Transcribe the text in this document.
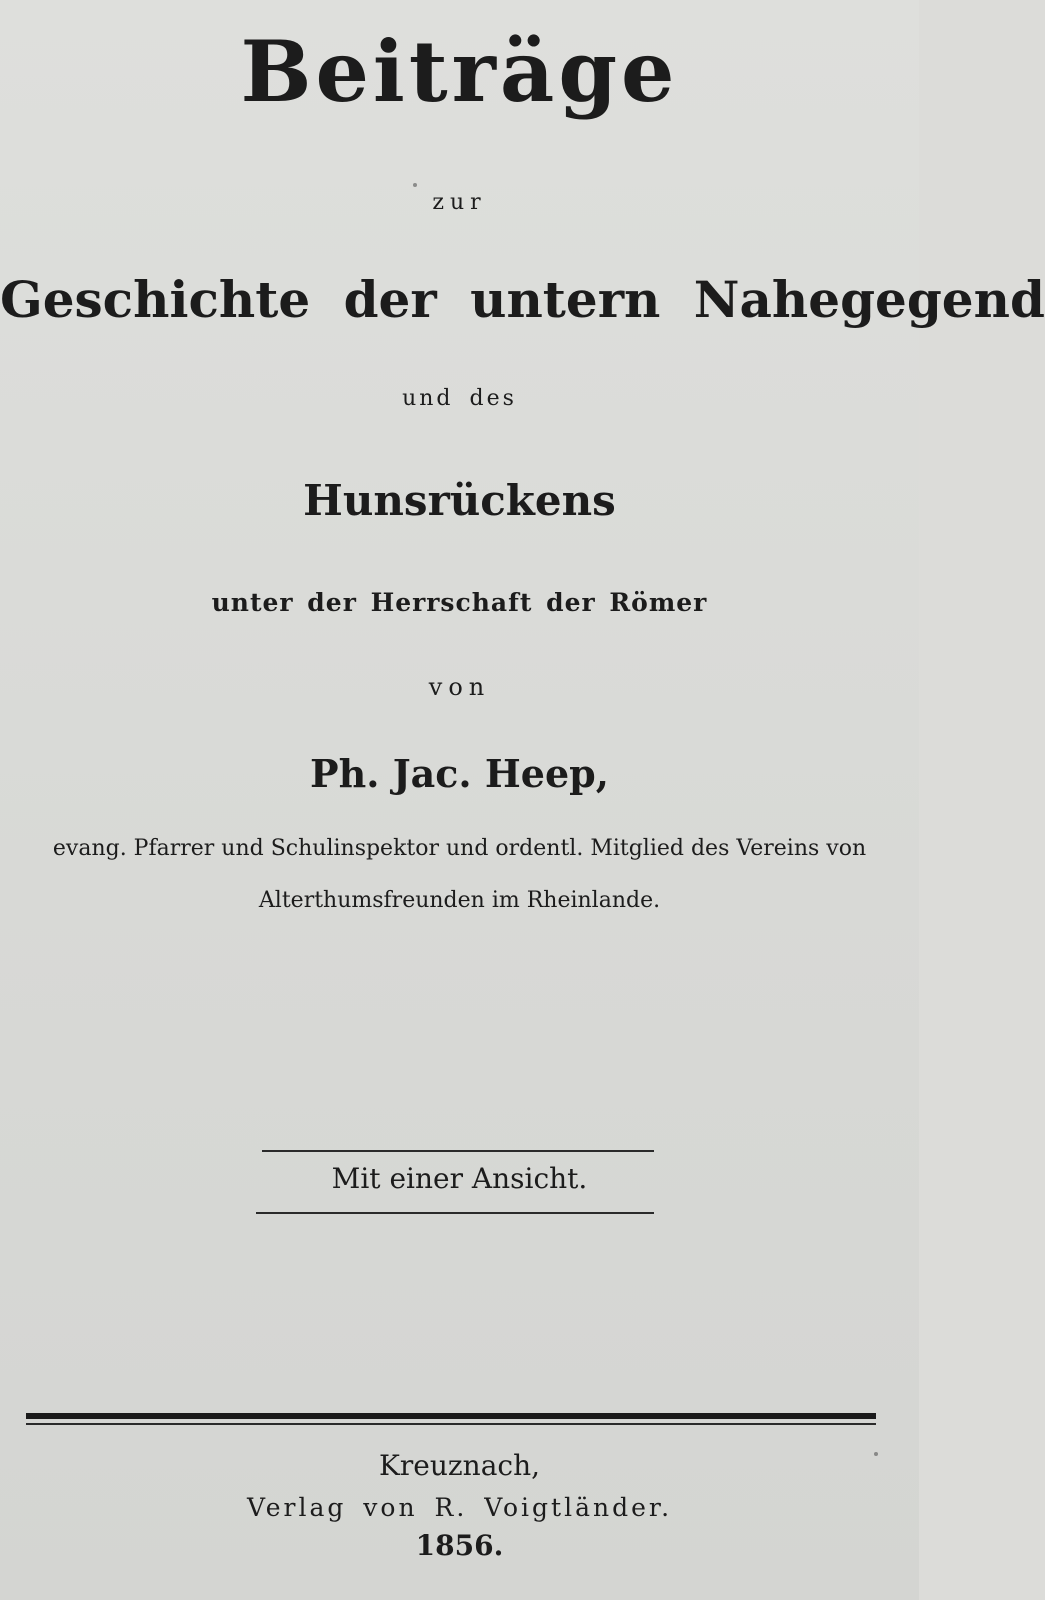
Beiträge
zur
Geschichte der untern Nahegegend
und des
Hunsrückens
unter der Herrschaft der Römer
von
Ph. Jac. Heep,
evang. Pfarrer und Schulinspektor und ordentl. Mitglied des Vereins von
Alterthumsfreunden im Rheinlande.
Mit einer Ansicht.
Kreuznach,
Verlag von R. Voigtländer.
1856.
